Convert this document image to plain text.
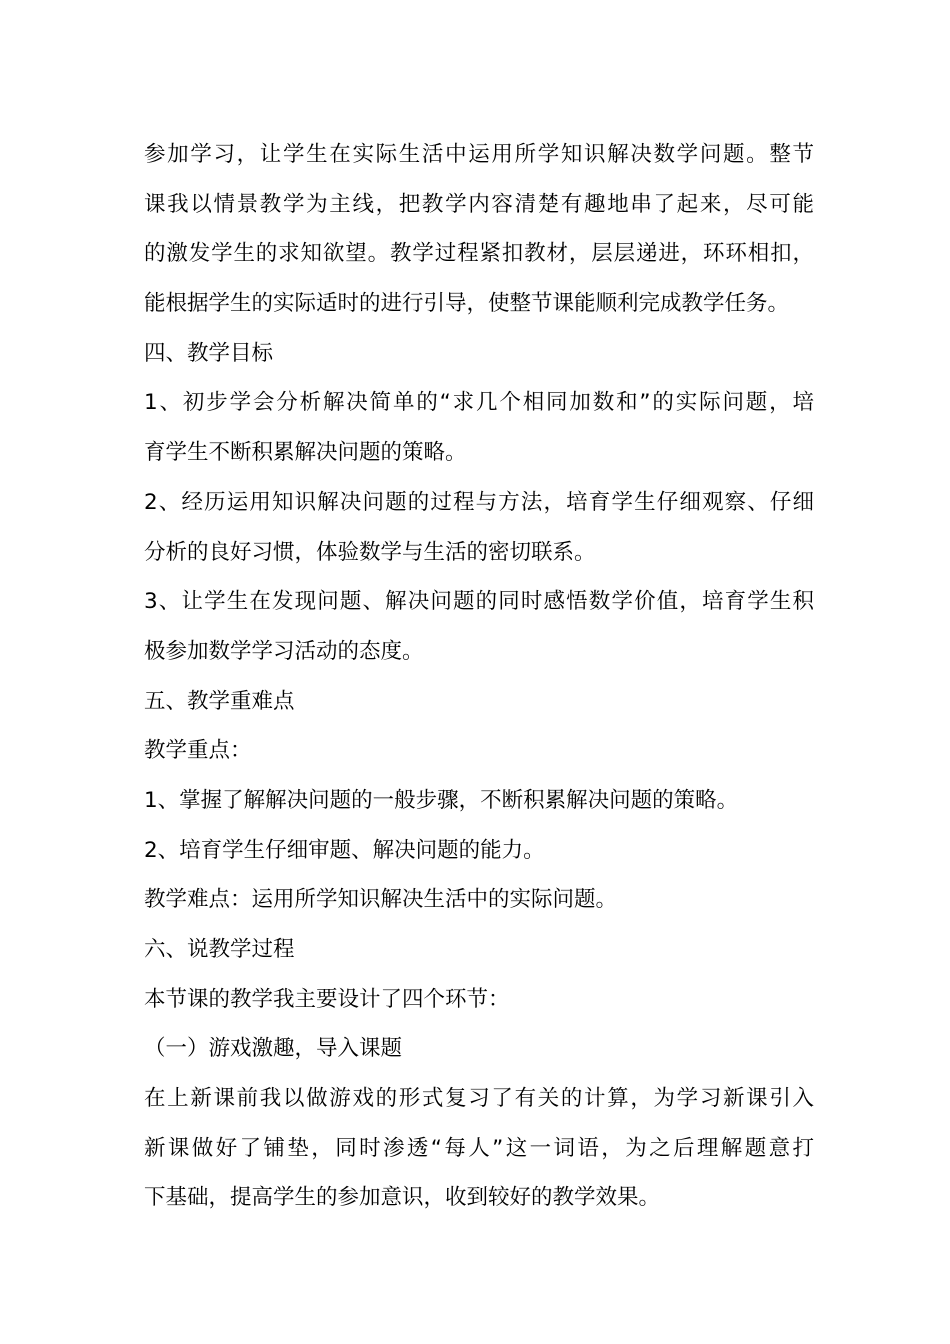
参加学习，让学生在实际生活中运用所学知识解决数学问题。整节
课我以情景教学为主线，把教学内容清楚有趣地串了起来，尽可能
的激发学生的求知欲望。教学过程紧扣教材，层层递进，环环相扣，
能根据学生的实际适时的进行引导，使整节课能顺利完成教学任务。
四、教学目标
1、初步学会分析解决简单的“求几个相同加数和”的实际问题，培
育学生不断积累解决问题的策略。
2、经历运用知识解决问题的过程与方法，培育学生仔细观察、仔细
分析的良好习惯，体验数学与生活的密切联系。
3、让学生在发现问题、解决问题的同时感悟数学价值，培育学生积
极参加数学学习活动的态度。
五、教学重难点
教学重点：
1、掌握了解解决问题的一般步骤，不断积累解决问题的策略。
2、培育学生仔细审题、解决问题的能力。
教学难点：运用所学知识解决生活中的实际问题。
六、说教学过程
本节课的教学我主要设计了四个环节：
（一）游戏激趣，导入课题
在上新课前我以做游戏的形式复习了有关的计算，为学习新课引入
新课做好了铺垫，同时渗透“每人”这一词语，为之后理解题意打
下基础，提高学生的参加意识，收到较好的教学效果。
